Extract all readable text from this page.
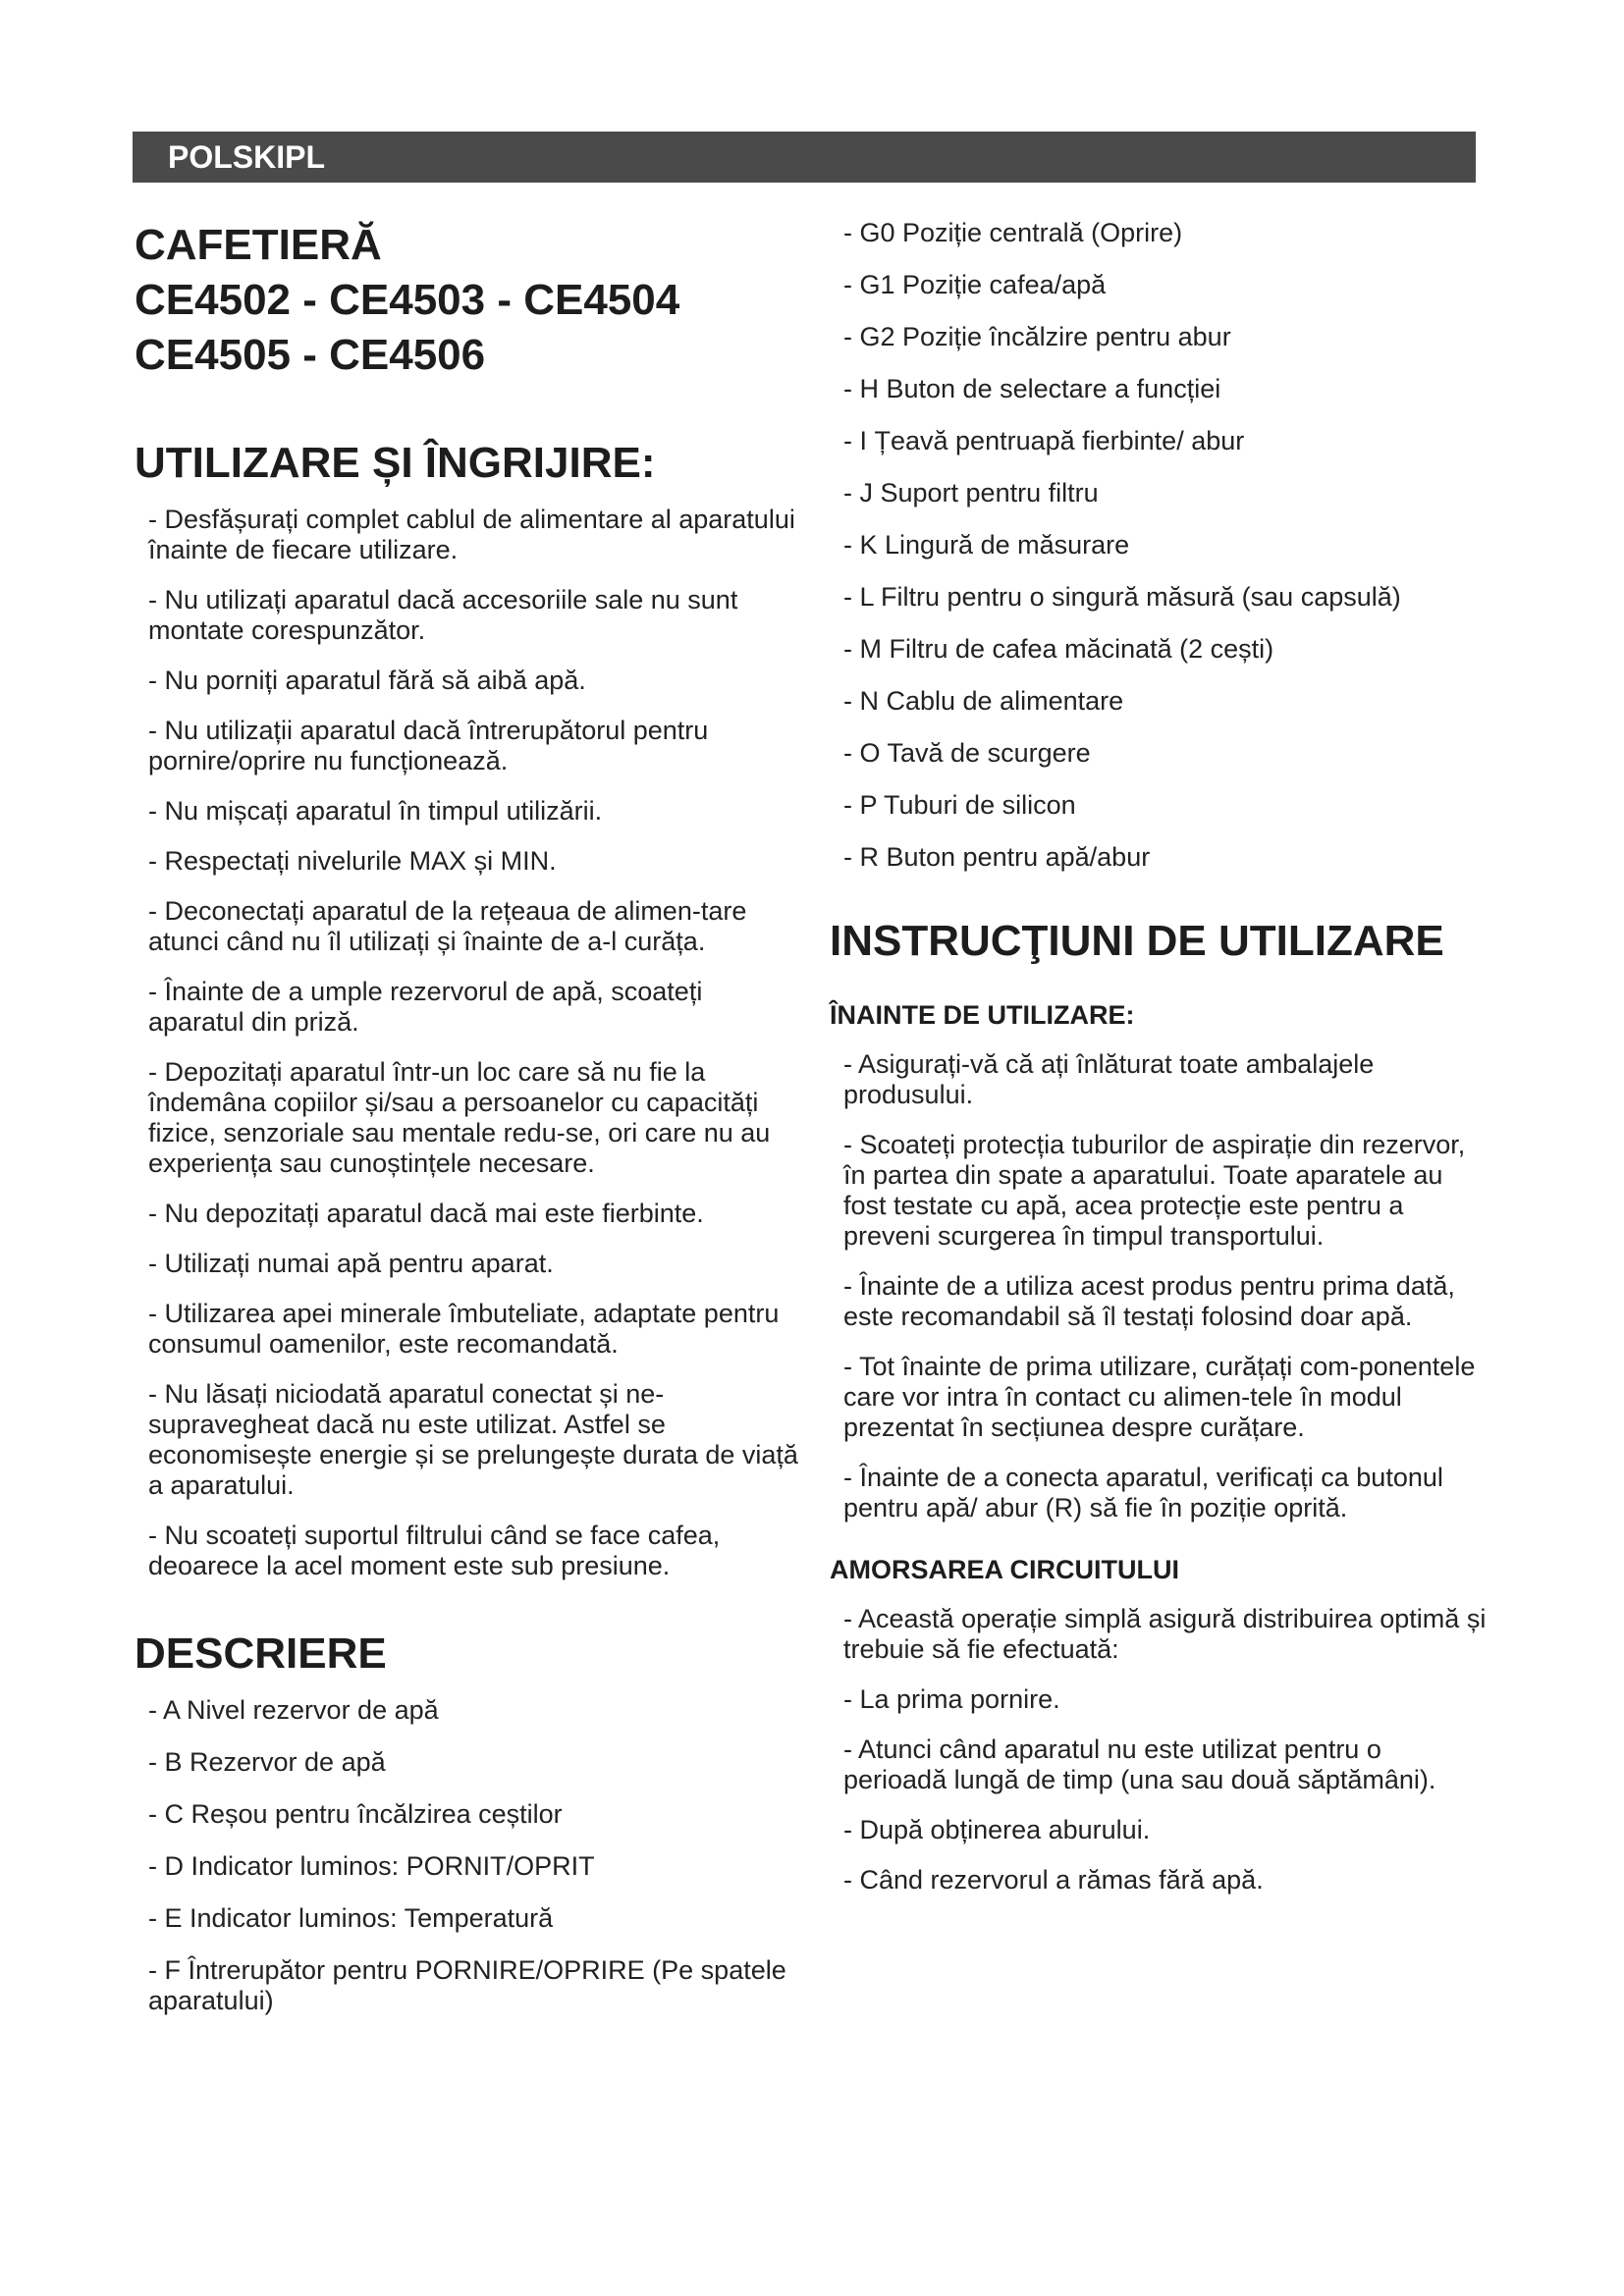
POLSKIPL
CAFETIERĂ
CE4502 - CE4503 - CE4504
CE4505 - CE4506
UTILIZARE ȘI ÎNGRIJIRE:
- Desfășurați complet cablul de alimentare al aparatului înainte de fiecare utilizare.
- Nu utilizați aparatul dacă accesoriile sale nu sunt montate corespunzător.
- Nu porniți aparatul fără să aibă apă.
- Nu utilizații aparatul dacă întrerupătorul pentru pornire/oprire nu funcționează.
- Nu mișcați aparatul în timpul utilizării.
- Respectați nivelurile MAX și MIN.
- Deconectați aparatul de la rețeaua de alimen-tare atunci când nu îl utilizați și înainte de a-l curăța.
- Înainte de a umple rezervorul de apă, scoateți aparatul din priză.
- Depozitați aparatul într-un loc care să nu fie la îndemâna copiilor și/sau a persoanelor cu capacități fizice, senzoriale sau mentale redu-se, ori care nu au experiența sau cunoștințele necesare.
- Nu depozitați aparatul dacă mai este fierbinte.
- Utilizați numai apă pentru aparat.
- Utilizarea apei minerale îmbuteliate, adaptate pentru consumul oamenilor, este recomandată.
- Nu lăsați niciodată aparatul conectat și ne-supravegheat dacă nu este utilizat. Astfel se economisește energie și se prelungește durata de viață a aparatului.
- Nu scoateți suportul filtrului când se face cafea, deoarece la acel moment este sub presiune.
DESCRIERE
- A Nivel rezervor de apă
- B Rezervor de apă
- C Reșou pentru încălzirea ceștilor
- D Indicator luminos: PORNIT/OPRIT
- E Indicator luminos: Temperatură
- F Întrerupător pentru PORNIRE/OPRIRE (Pe spatele aparatului)
- G0 Poziție centrală (Oprire)
- G1 Poziție cafea/apă
- G2 Poziție încălzire pentru abur
- H Buton de selectare a funcției
- I Țeavă pentruapă fierbinte/ abur
- J Suport pentru filtru
- K Lingură de măsurare
- L Filtru pentru o singură măsură (sau capsulă)
- M Filtru de cafea măcinată (2 cești)
- N Cablu de alimentare
- O Tavă de scurgere
- P Tuburi de silicon
- R Buton pentru apă/abur
INSTRUCŢIUNI DE UTILIZARE
ÎNAINTE DE UTILIZARE:
- Asigurați-vă că ați înlăturat toate ambalajele produsului.
- Scoateți protecția tuburilor de aspirație din rezervor, în partea din spate a aparatului. Toate aparatele au fost testate cu apă, acea protecție este pentru a preveni scurgerea în timpul transportului.
- Înainte de a utiliza acest produs pentru prima dată, este recomandabil să îl testați folosind doar apă.
- Tot înainte de prima utilizare, curățați com-ponentele care vor intra în contact cu alimen-tele în modul prezentat în secțiunea despre curățare.
- Înainte de a conecta aparatul, verificați ca butonul pentru apă/ abur (R) să fie în poziție oprită.
AMORSAREA CIRCUITULUI
- Această operație simplă asigură distribuirea optimă și trebuie să fie efectuată:
- La prima pornire.
- Atunci când aparatul nu este utilizat pentru o perioadă lungă de timp (una sau două săptămâni).
- După obținerea aburului.
- Când rezervorul a rămas fără apă.
